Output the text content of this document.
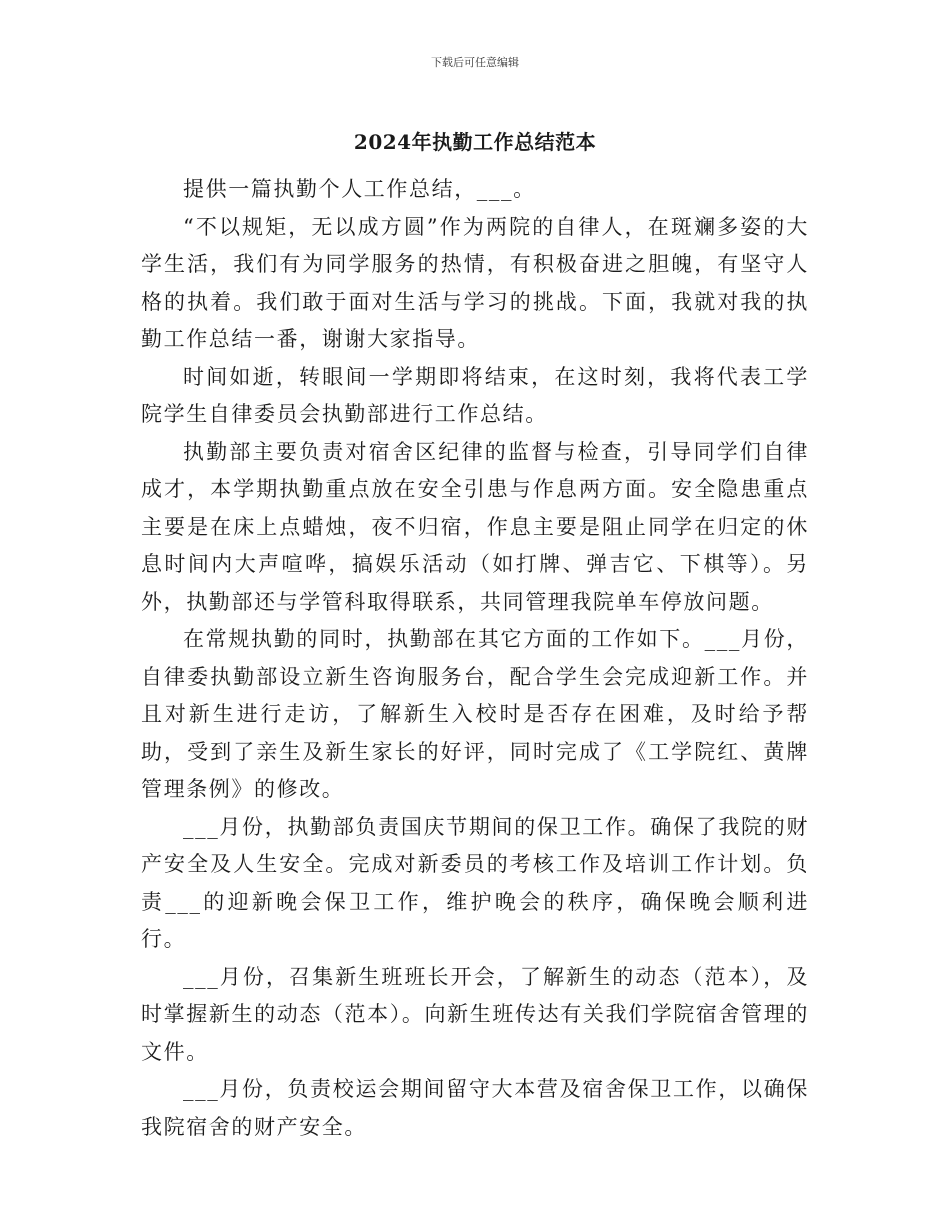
下载后可任意编辑
2024年执勤工作总结范本

提供一篇执勤个人工作总结，___。

“不以规矩，无以成方圆”作为两院的自律人，在斑斓多姿的大学生活，我们有为同学服务的热情，有积极奋进之胆魄，有坚守人格的执着。我们敢于面对生活与学习的挑战。下面，我就对我的执勤工作总结一番，谢谢大家指导。

时间如逝，转眼间一学期即将结束，在这时刻，我将代表工学院学生自律委员会执勤部进行工作总结。

执勤部主要负责对宿舍区纪律的监督与检查，引导同学们自律成才，本学期执勤重点放在安全引患与作息两方面。安全隐患重点主要是在床上点蜡烛，夜不归宿，作息主要是阻止同学在归定的休息时间内大声喧哗，搞娱乐活动（如打牌、弹吉它、下棋等）。另外，执勤部还与学管科取得联系，共同管理我院单车停放问题。

在常规执勤的同时，执勤部在其它方面的工作如下。___月份，自律委执勤部设立新生咨询服务台，配合学生会完成迎新工作。并且对新生进行走访，了解新生入校时是否存在困难，及时给予帮助，受到了亲生及新生家长的好评，同时完成了《工学院红、黄牌管理条例》的修改。

___月份，执勤部负责国庆节期间的保卫工作。确保了我院的财产安全及人生安全。完成对新委员的考核工作及培训工作计划。负责___的迎新晚会保卫工作，维护晚会的秩序，确保晚会顺利进行。

___月份，召集新生班班长开会，了解新生的动态（范本），及时掌握新生的动态（范本）。向新生班传达有关我们学院宿舍管理的文件。

___月份，负责校运会期间留守大本营及宿舍保卫工作，以确保我院宿舍的财产安全。
